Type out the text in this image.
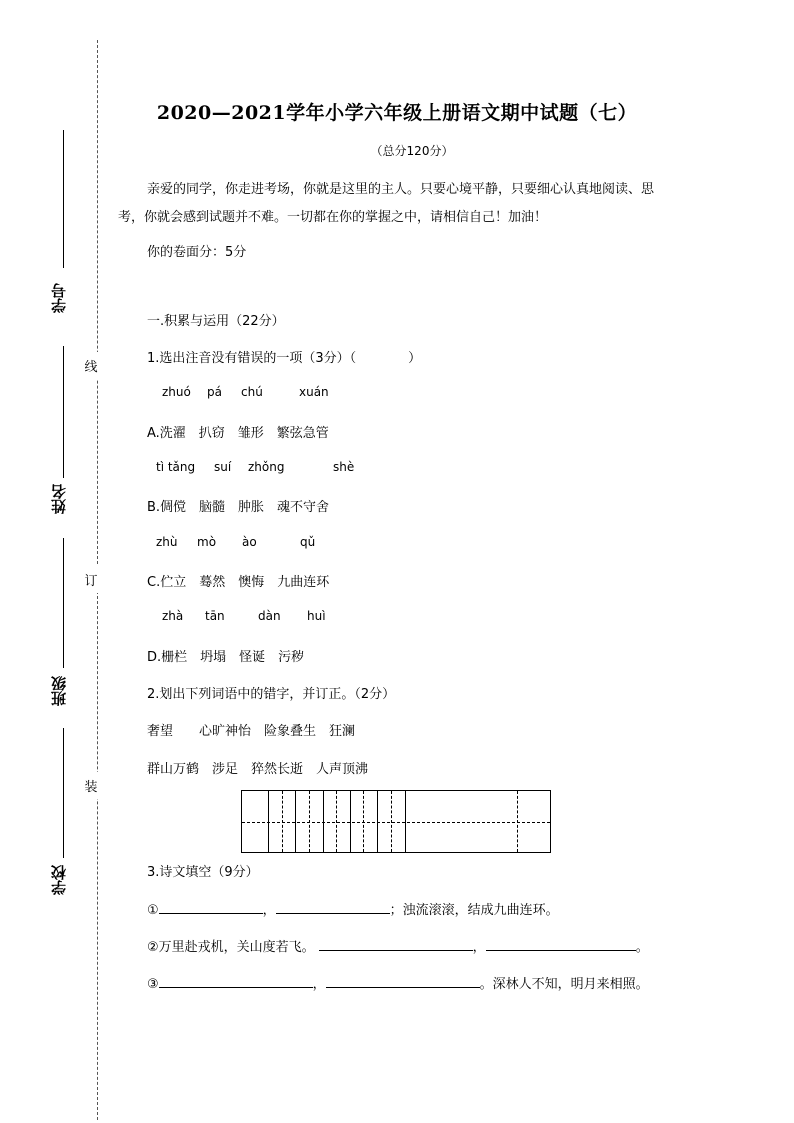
线
订
装
学号
姓名
班级
学校
2020—2021学年小学六年级上册语文期中试题（七）
（总分120分）
亲爱的同学，你走进考场，你就是这里的主人。只要心境平静，只要细心认真地阅读、思考，你就会感到试题并不难。一切都在你的掌握之中，请相信自己！加油！
你的卷面分：5分
一.积累与运用（22分）
1.选出注音没有错误的一项（3分）（　　　　）
zhuó pá chú	xuán
A.洗濯　扒窃　雏形　繁弦急管
tì tǎng suí zhǒng	shè
B.倜傥　脑髓　肿胀　魂不守舍
zhù mò ào	qǔ
C.伫立　蓦然　懊悔　九曲连环
zhà tān	dàn huì
D.栅栏　坍塌　怪诞　污秽
2.划出下列词语中的错字，并订正。（2分）
奢望　　心旷神怡　险象叠生　狂澜
群山万鹤　涉足　猝然长逝　人声顶沸
3.诗文填空（9分）
①	，	；浊流滚滚，结成九曲连环。
②万里赴戎机，关山度若飞。	，	。
③	，	。深林人不知，明月来相照。
